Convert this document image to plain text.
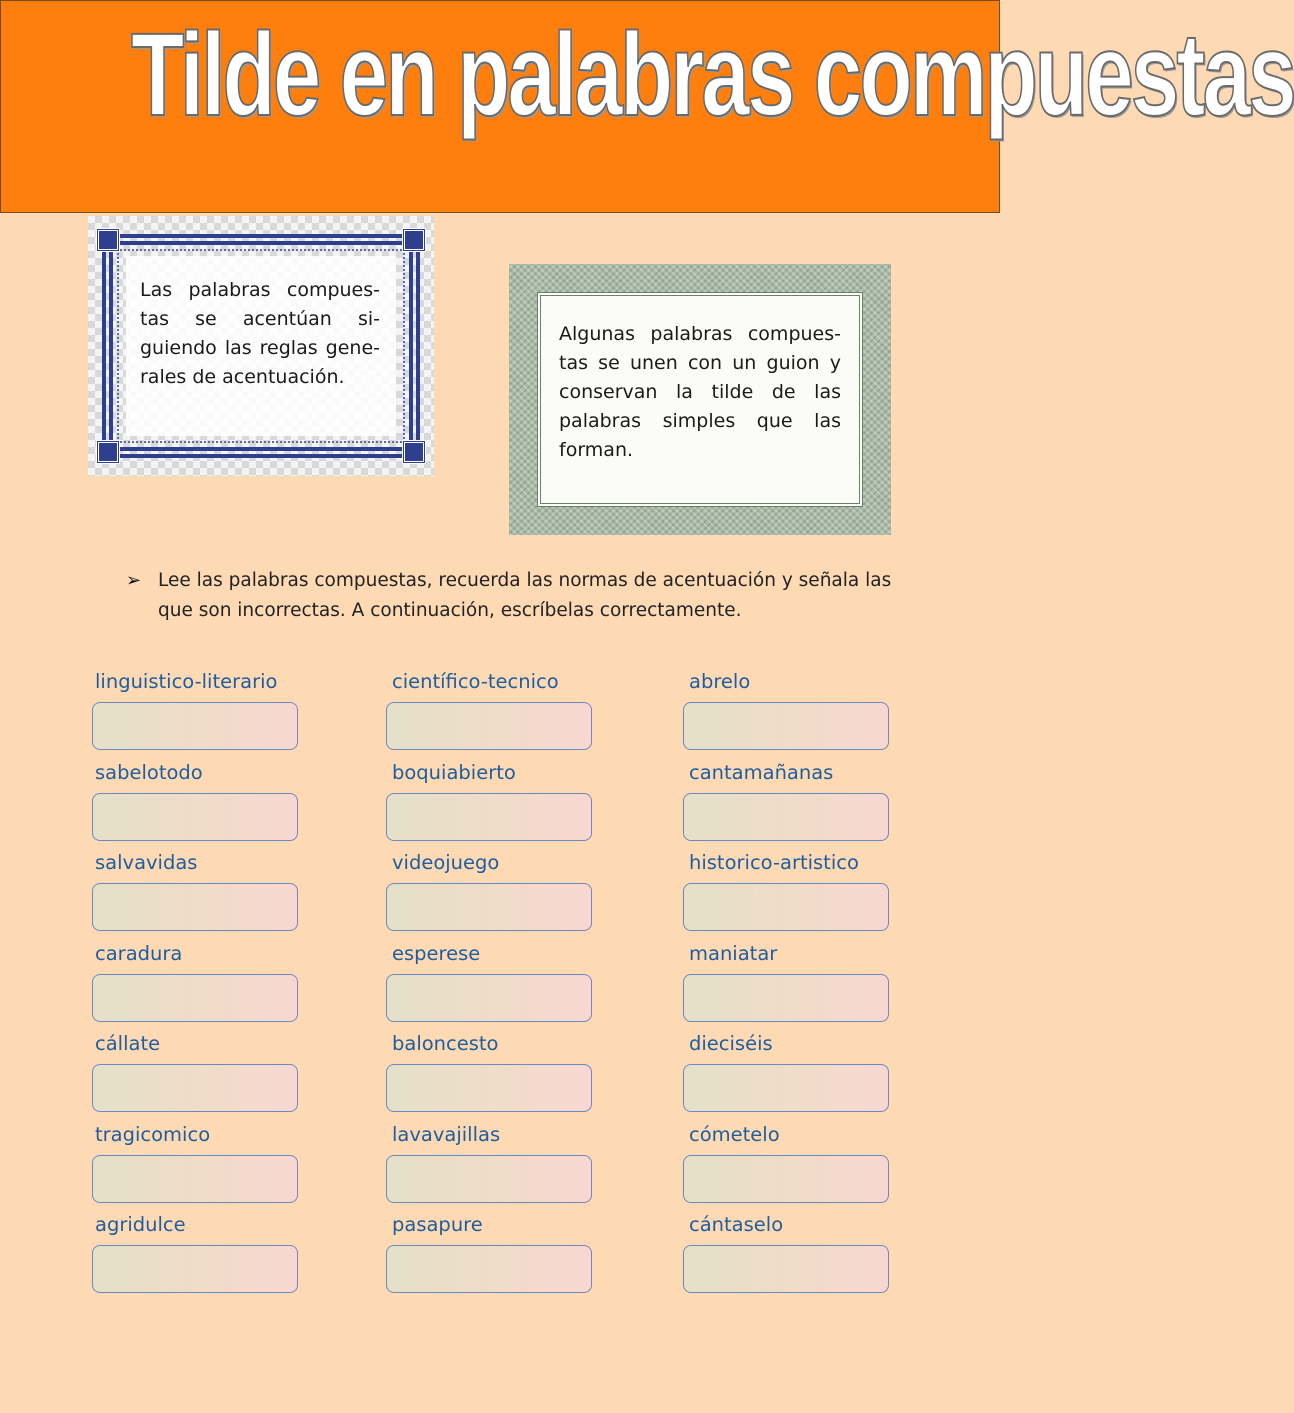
Tilde en palabras compuestas
Las palabras compues-tas se acentúan si-guiendo las reglas gene-rales de acentuación.
Algunas palabras compues-tas se unen con un guion y conservan la tilde de las palabras simples que las forman.
➢ Lee las palabras compuestas, recuerda las normas de acentuación y señala las que son incorrectas. A continuación, escríbelas correctamente.
linguistico-literario	científico-tecnico	abrelo
sabelotodo	boquiabierto	cantamañanas
salvavidas	videojuego	historico-artistico
caradura	esperese	maniatar
cállate	baloncesto	dieciséis
tragicomico	lavavajillas	cómetelo
agridulce	pasapure	cántaselo
